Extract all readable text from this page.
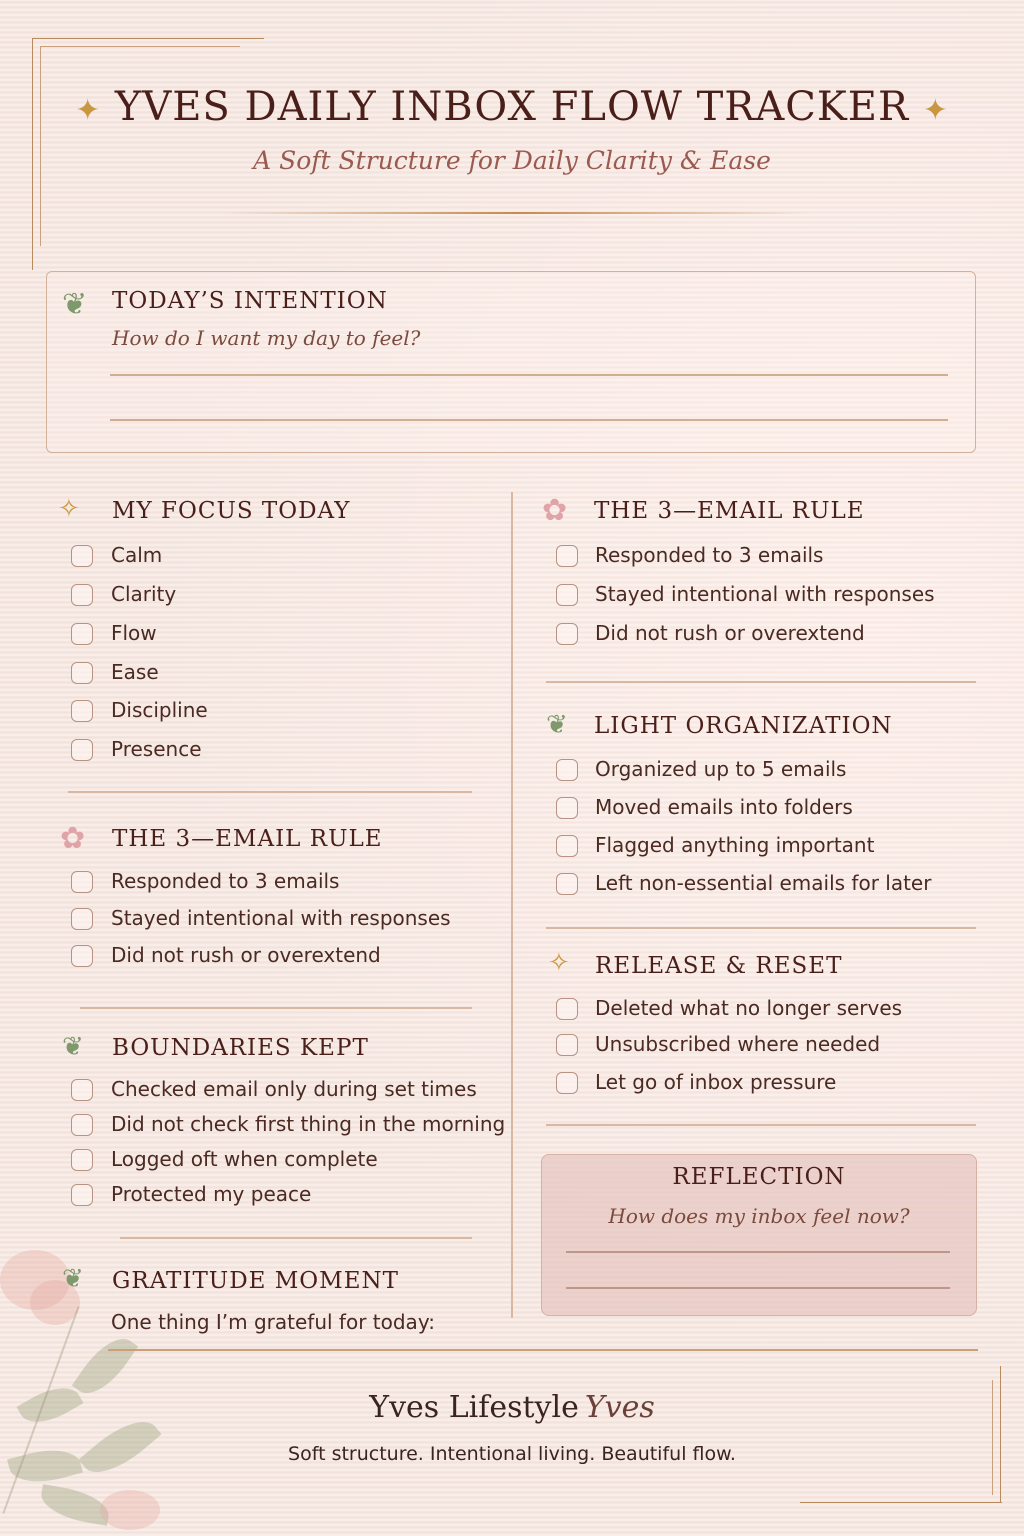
✦ YVES DAILY INBOX FLOW TRACKER ✦
A Soft Structure for Daily Clarity & Ease
❦ TODAY’S INTENTION
How do I want my day to feel?
✧ MY FOCUS TODAY
Calm
Clarity
Flow
Ease
Discipline
Presence
✿ THE 3—EMAIL RULE
Responded to 3 emails
Stayed intentional with responses
Did not rush or overextend
❦ BOUNDARIES KEPT
Checked email only during set times
Did not check first thing in the morning
Logged oft when complete
Protected my peace
❦ GRATITUDE MOMENT
One thing I’m grateful for today:
✿ THE 3—EMAIL RULE
Responded to 3 emails
Stayed intentional with responses
Did not rush or overextend
❦ LIGHT ORGANIZATION
Organized up to 5 emails
Moved emails into folders
Flagged anything important
Left non-essential emails for later
✧ RELEASE & RESET
Deleted what no longer serves
Unsubscribed where needed
Let go of inbox pressure
REFLECTION
How does my inbox feel now?
Yves Lifestyle Yves
Soft structure. Intentional living. Beautiful flow.
